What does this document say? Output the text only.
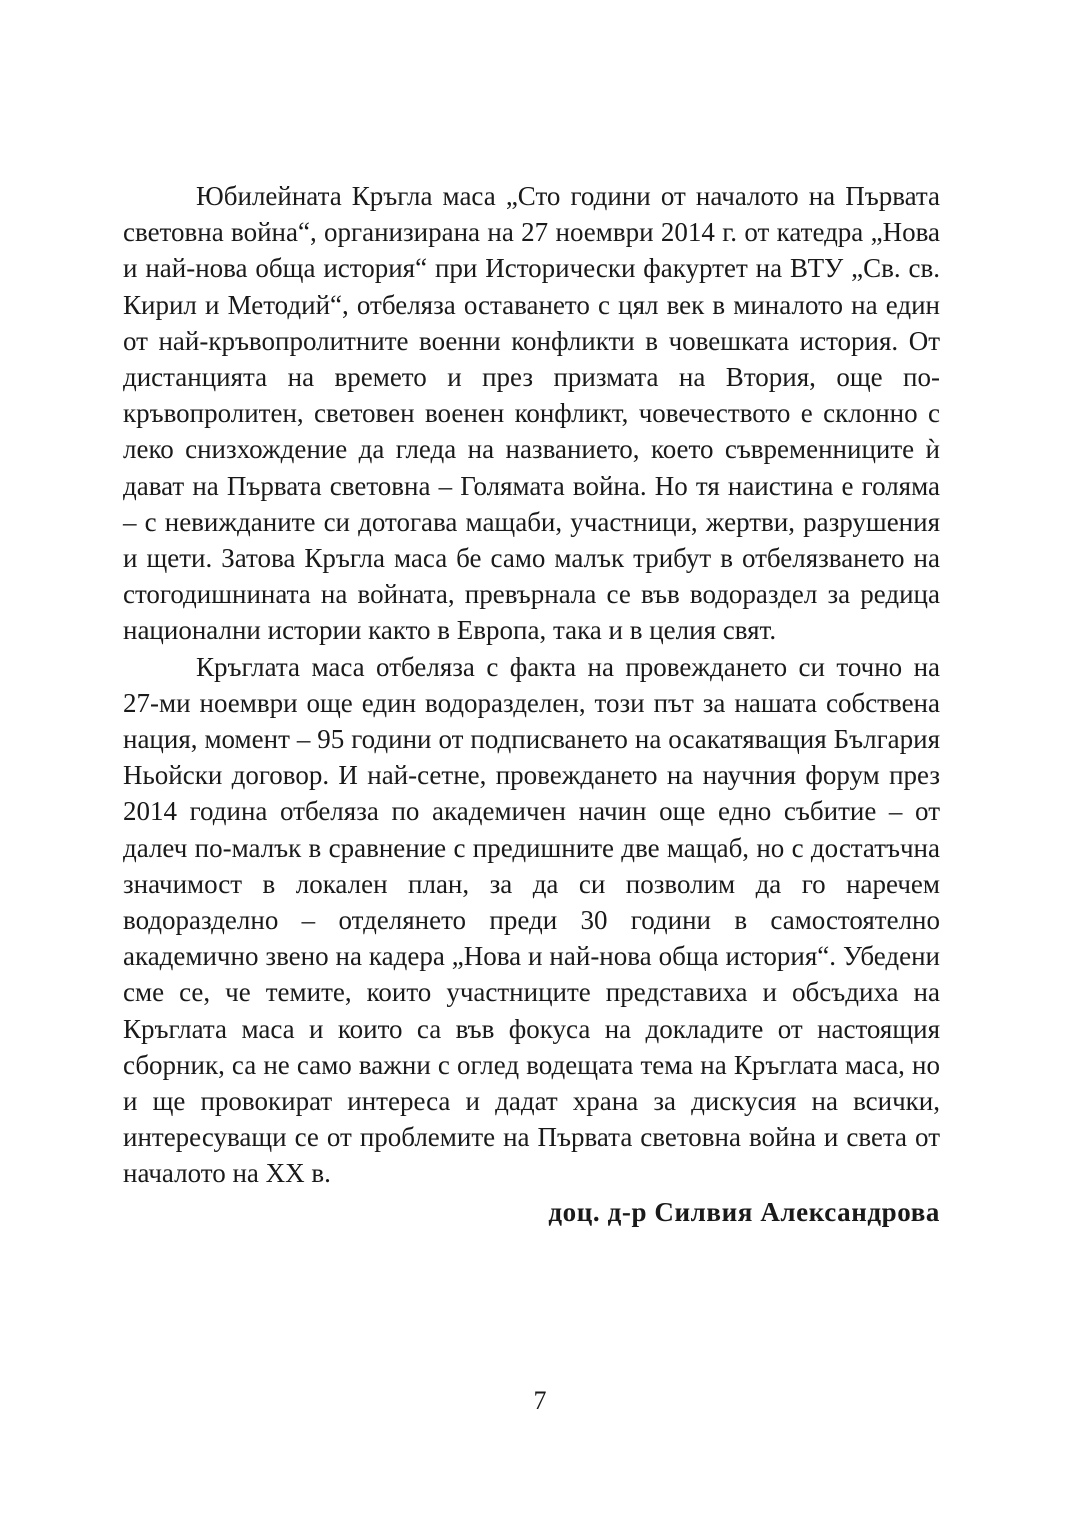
Юбилейната Кръгла маса „Сто години от началото на Първата световна война“, организирана на 27 ноември 2014 г. от катедра „Нова и най-нова обща история“ при Исторически факуртет на ВТУ „Св. св. Кирил и Методий“, отбеляза оставането с цял век в миналото на един от най-кръвопролитните военни конфликти в човешката история. От дистанцията на времето и през призмата на Втория, още по-кръвопролитен, световен военен конфликт, човечеството е склонно с леко снизхождение да гледа на названието, което съвременниците ѝ дават на Първата световна – Голямата война. Но тя наистина е голяма – с невижданите си дотогава мащаби, участници, жертви, разрушения и щети. Затова Кръгла маса бе само малък трибут в отбелязването на стогодишнината на войната, превърнала се във водораздел за редица национални истории както в Европа, така и в целия свят.

Кръглата маса отбеляза с факта на провеждането си точно на 27-ми ноември още един водоразделен, този път за нашата собствена нация, момент – 95 години от подписването на осакатяващия България Ньойски договор. И най-сетне, провеждането на научния форум през 2014 година отбеляза по академичен начин още едно събитие – от далеч по-малък в сравнение с предишните две мащаб, но с достатъчна значимост в локален план, за да си позволим да го наречем водоразделно – отделянето преди 30 години в самостоятелно академично звено на кадера „Нова и най-нова обща история“. Убедени сме се, че темите, които участниците представиха и обсъдиха на Кръглата маса и които са във фокуса на докладите от настоящия сборник, са не само важни с оглед водещата тема на Кръглата маса, но и ще провокират интереса и дадат храна за дискусия на всички, интересуващи се от проблемите на Първата световна война и света от началото на XX в.

доц. д-р Силвия Александрова

7
